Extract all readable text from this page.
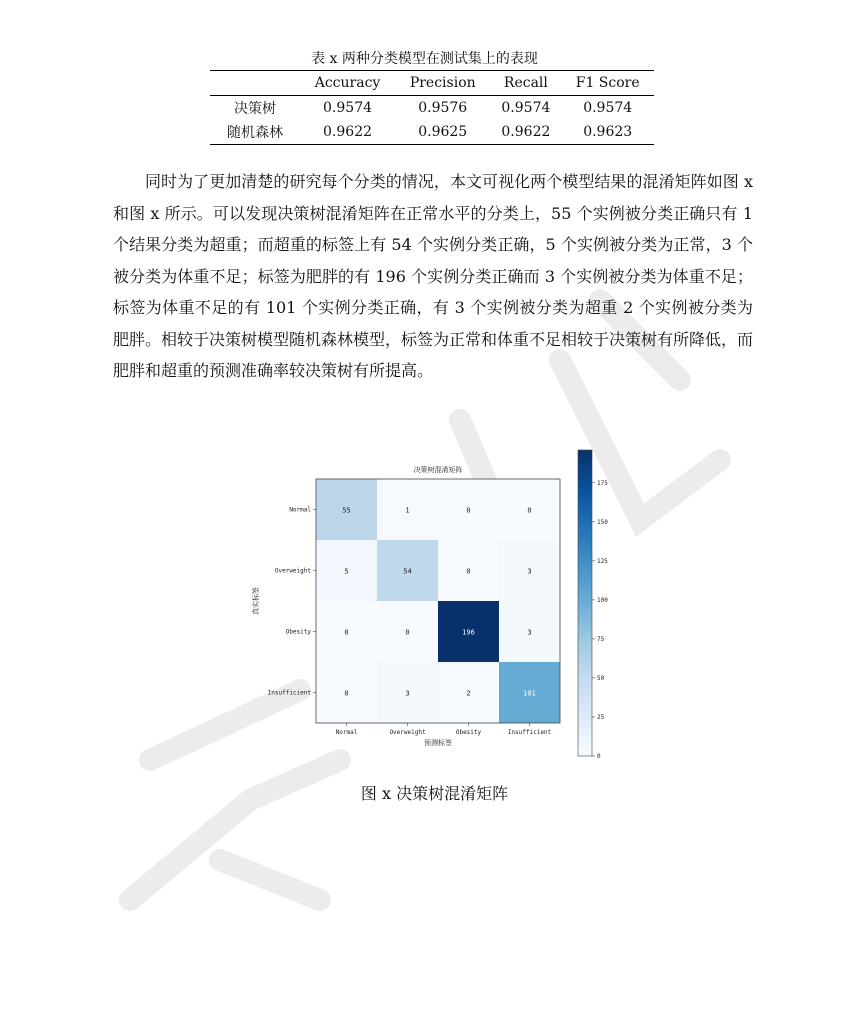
表 x 两种分类模型在测试集上的表现
	Accuracy	Precision	Recall	F1 Score
决策树	0.9574	0.9576	0.9574	0.9574
随机森林	0.9622	0.9625	0.9622	0.9623

同时为了更加清楚的研究每个分类的情况，本文可视化两个模型结果的混淆矩阵如图 x 和图 x 所示。可以发现决策树混淆矩阵在正常水平的分类上，55 个实例被分类正确只有 1 个结果分类为超重；而超重的标签上有 54 个实例分类正确，5 个实例被分类为正常，3 个被分类为体重不足；标签为肥胖的有 196 个实例分类正确而 3 个实例被分类为体重不足；标签为体重不足的有 101 个实例分类正确，有 3 个实例被分类为超重 2 个实例被分类为肥胖。相较于决策树模型随机森林模型，标签为正常和体重不足相较于决策树有所降低，而肥胖和超重的预测准确率较决策树有所提高。

决策树混淆矩阵
55	1	0	0
5	54	0	3
0	0	196	3
0	3	2	101
Normal	Overweight	Obesity	Insufficient
Normal
Overweight
Obesity
Insufficient
预测标签
真实标签
0
25
50
75
100
125
150
175
图 x 决策树混淆矩阵
